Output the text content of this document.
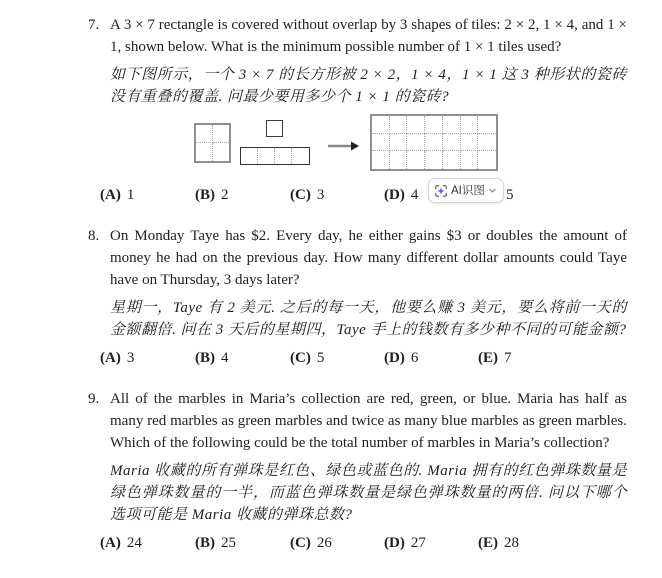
7. A 3 × 7 rectangle is covered without overlap by 3 shapes of tiles: 2 × 2, 1 × 4, and 1 × 1, shown below. What is the minimum possible number of 1 × 1 tiles used?

如下图所示，一个 3 × 7 的长方形被 2 × 2，1 × 4，1 × 1 这 3 种形状的瓷砖没有重叠的覆盖. 问最少要用多少个 1 × 1 的瓷砖?

(A) 1	(B) 2	(C) 3	(D) 4	5
AI识图
8. On Monday Taye has $2. Every day, he either gains $3 or doubles the amount of money he had on the previous day. How many different dollar amounts could Taye have on Thursday, 3 days later?

星期一，Taye 有 2 美元. 之后的每一天，他要么赚 3 美元，要么将前一天的金额翻倍. 问在 3 天后的星期四，Taye 手上的钱数有多少种不同的可能金额?

(A) 3	(B) 4	(C) 5	(D) 6	(E) 7
9. All of the marbles in Maria’s collection are red, green, or blue. Maria has half as many red marbles as green marbles and twice as many blue marbles as green marbles. Which of the following could be the total number of marbles in Maria’s collection?

Maria 收藏的所有弹珠是红色、绿色或蓝色的. Maria 拥有的红色弹珠数量是绿色弹珠数量的一半，而蓝色弹珠数量是绿色弹珠数量的两倍. 问以下哪个选项可能是 Maria 收藏的弹珠总数?

(A) 24	(B) 25	(C) 26	(D) 27	(E) 28
